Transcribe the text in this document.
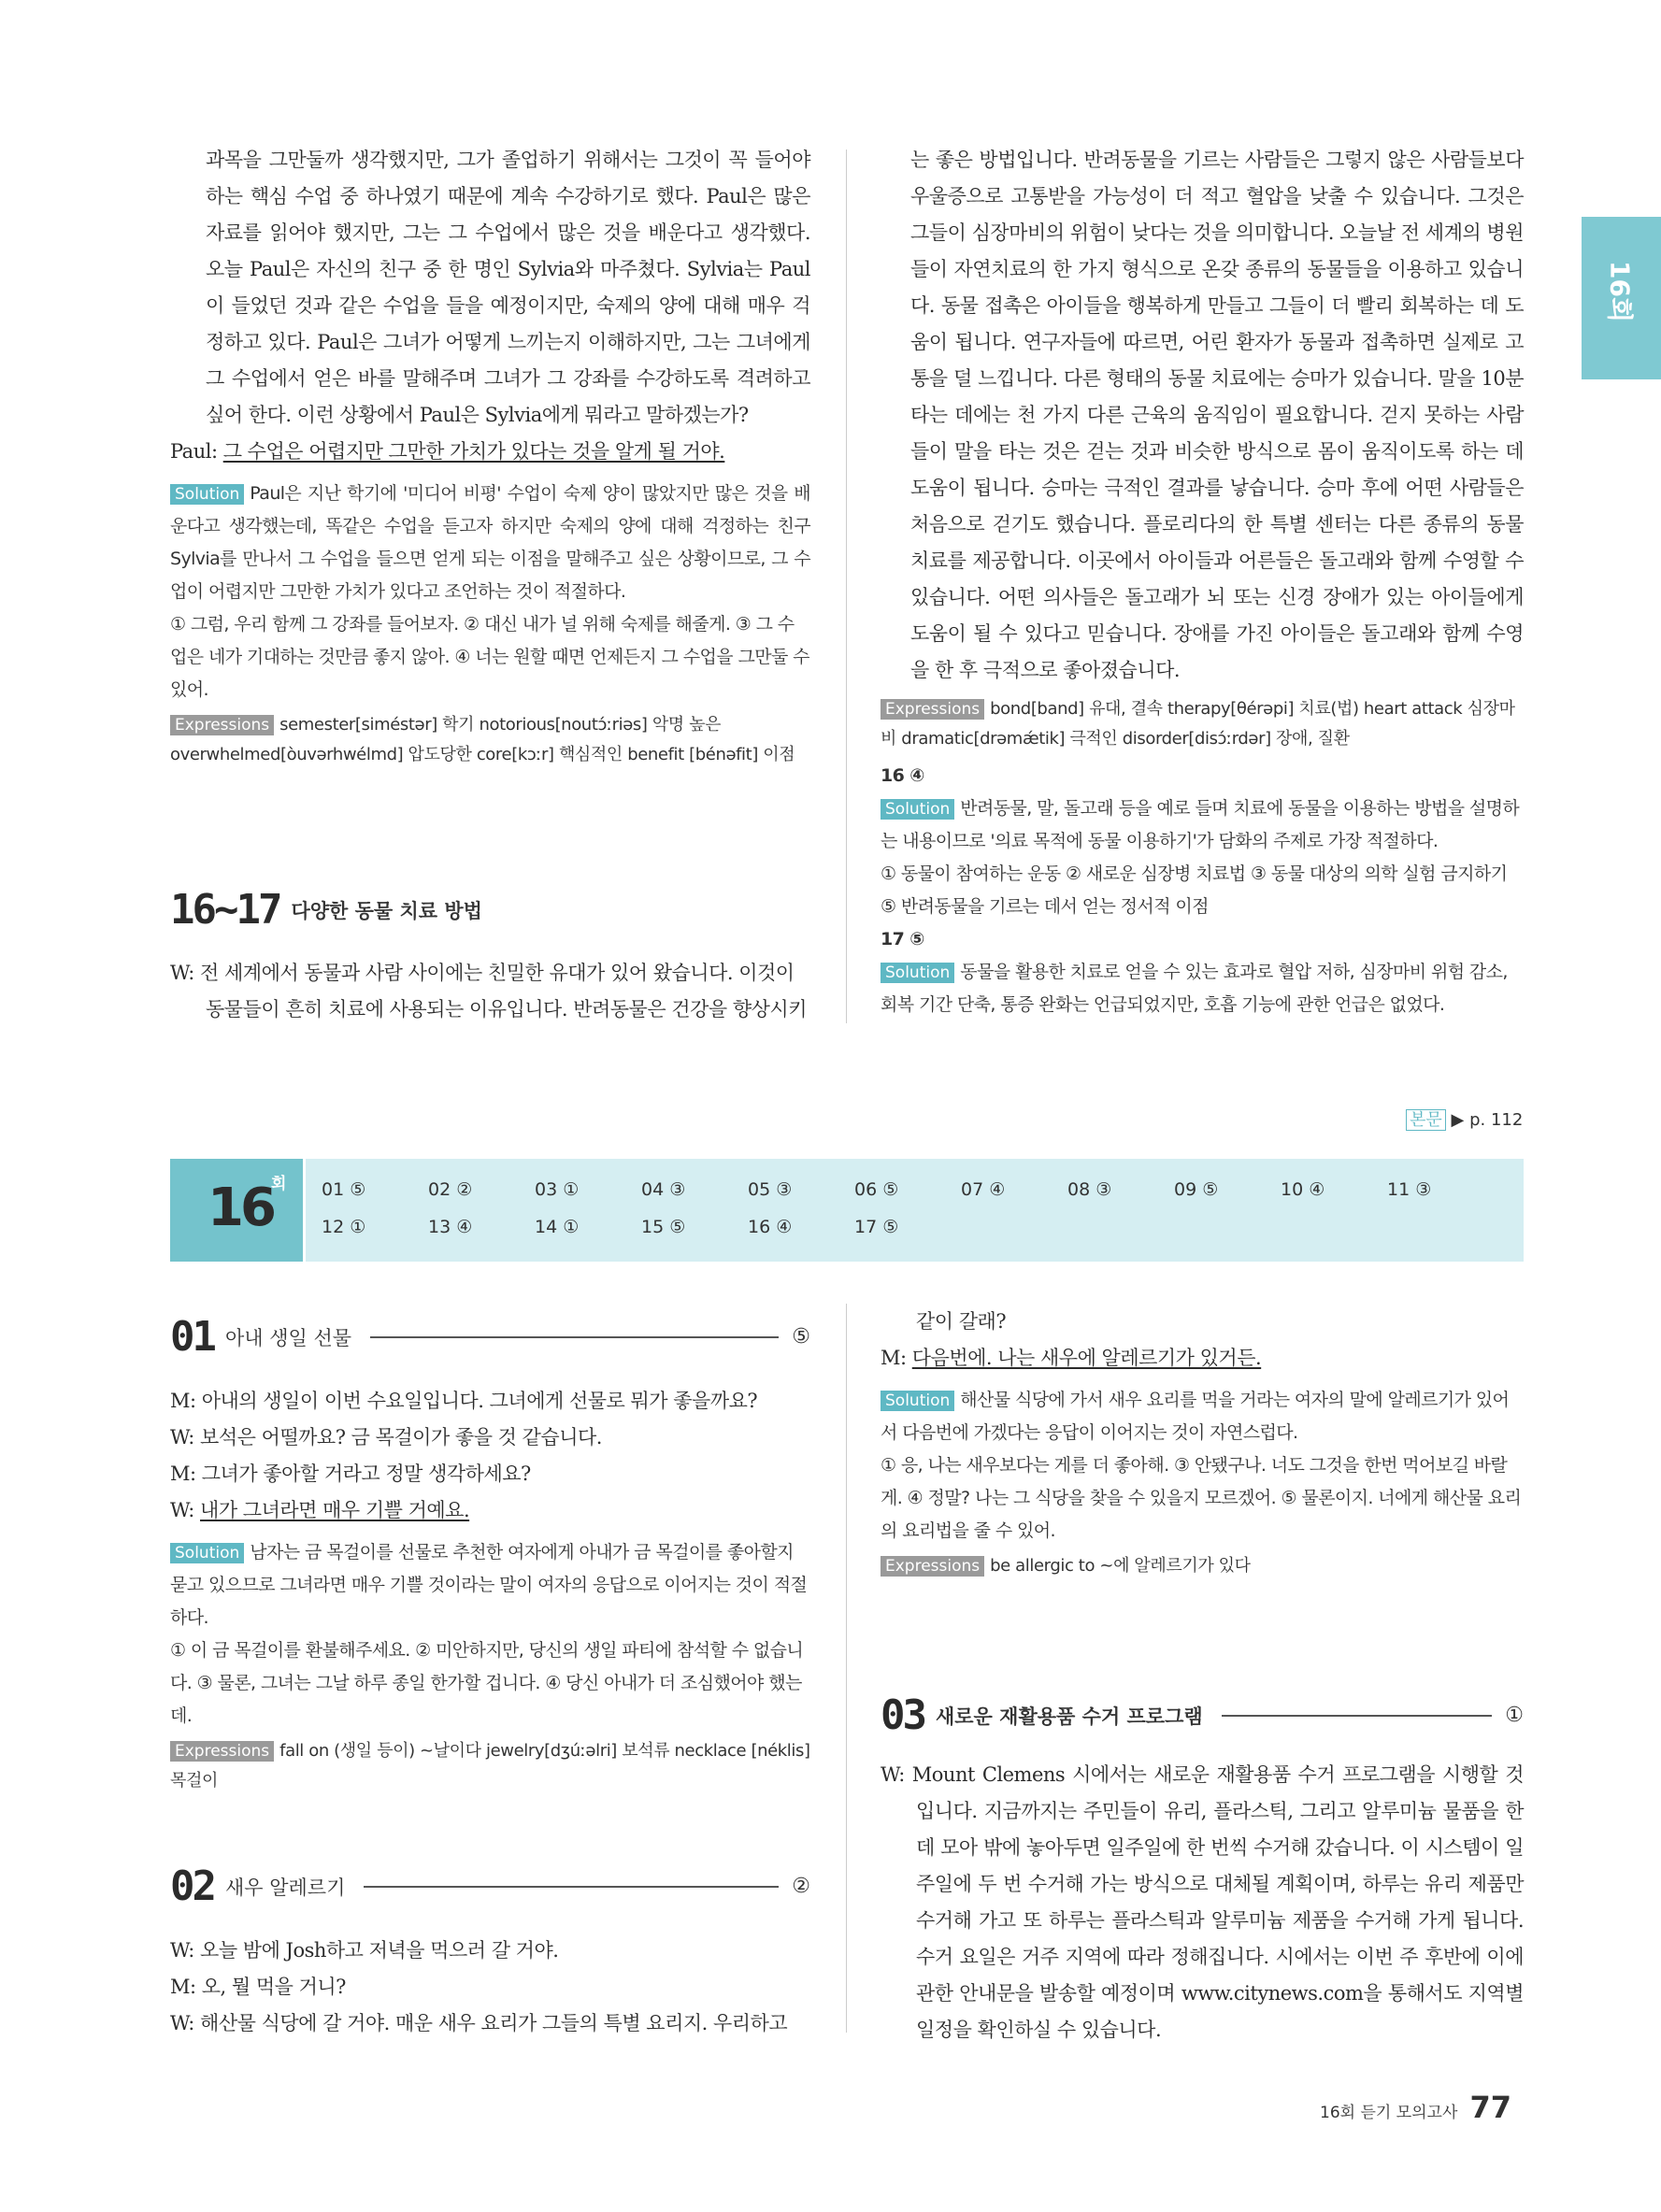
16회

과목을 그만둘까 생각했지만, 그가 졸업하기 위해서는 그것이 꼭 들어야 하는 핵심 수업 중 하나였기 때문에 계속 수강하기로 했다. Paul은 많은 자료를 읽어야 했지만, 그는 그 수업에서 많은 것을 배운다고 생각했다. 오늘 Paul은 자신의 친구 중 한 명인 Sylvia와 마주쳤다. Sylvia는 Paul이 들었던 것과 같은 수업을 들을 예정이지만, 숙제의 양에 대해 매우 걱정하고 있다. Paul은 그녀가 어떻게 느끼는지 이해하지만, 그는 그녀에게 그 수업에서 얻은 바를 말해주며 그녀가 그 강좌를 수강하도록 격려하고 싶어 한다. 이런 상황에서 Paul은 Sylvia에게 뭐라고 말하겠는가?

Paul: 그 수업은 어렵지만 그만한 가치가 있다는 것을 알게 될 거야.

Solution Paul은 지난 학기에 '미디어 비평' 수업이 숙제 양이 많았지만 많은 것을 배운다고 생각했는데, 똑같은 수업을 듣고자 하지만 숙제의 양에 대해 걱정하는 친구 Sylvia를 만나서 그 수업을 들으면 얻게 되는 이점을 말해주고 싶은 상황이므로, 그 수업이 어렵지만 그만한 가치가 있다고 조언하는 것이 적절하다.

① 그럼, 우리 함께 그 강좌를 들어보자. ② 대신 내가 널 위해 숙제를 해줄게. ③ 그 수업은 네가 기대하는 것만큼 좋지 않아. ④ 너는 원할 때면 언제든지 그 수업을 그만둘 수 있어.

Expressions semester[siméstər] 학기 notorious[noutɔ́ːriəs] 악명 높은 overwhelmed[òuvərhwélmd] 압도당한 core[kɔːr] 핵심적인 benefit [bénəfit] 이점

16~17 다양한 동물 치료 방법

W: 전 세계에서 동물과 사람 사이에는 친밀한 유대가 있어 왔습니다. 이것이 동물들이 흔히 치료에 사용되는 이유입니다. 반려동물은 건강을 향상시키

는 좋은 방법입니다. 반려동물을 기르는 사람들은 그렇지 않은 사람들보다 우울증으로 고통받을 가능성이 더 적고 혈압을 낮출 수 있습니다. 그것은 그들이 심장마비의 위험이 낮다는 것을 의미합니다. 오늘날 전 세계의 병원들이 자연치료의 한 가지 형식으로 온갖 종류의 동물들을 이용하고 있습니다. 동물 접촉은 아이들을 행복하게 만들고 그들이 더 빨리 회복하는 데 도움이 됩니다. 연구자들에 따르면, 어린 환자가 동물과 접촉하면 실제로 고통을 덜 느낍니다. 다른 형태의 동물 치료에는 승마가 있습니다. 말을 10분 타는 데에는 천 가지 다른 근육의 움직임이 필요합니다. 걷지 못하는 사람들이 말을 타는 것은 걷는 것과 비슷한 방식으로 몸이 움직이도록 하는 데 도움이 됩니다. 승마는 극적인 결과를 낳습니다. 승마 후에 어떤 사람들은 처음으로 걷기도 했습니다. 플로리다의 한 특별 센터는 다른 종류의 동물 치료를 제공합니다. 이곳에서 아이들과 어른들은 돌고래와 함께 수영할 수 있습니다. 어떤 의사들은 돌고래가 뇌 또는 신경 장애가 있는 아이들에게 도움이 될 수 있다고 믿습니다. 장애를 가진 아이들은 돌고래와 함께 수영을 한 후 극적으로 좋아졌습니다.

Expressions bond[band] 유대, 결속 therapy[θérəpi] 치료(법) heart attack 심장마비 dramatic[drəmǽtik] 극적인 disorder[disɔ́ːrdər] 장애, 질환

16 ④

Solution 반려동물, 말, 돌고래 등을 예로 들며 치료에 동물을 이용하는 방법을 설명하는 내용이므로 '의료 목적에 동물 이용하기'가 담화의 주제로 가장 적절하다.

① 동물이 참여하는 운동 ② 새로운 심장병 치료법 ③ 동물 대상의 의학 실험 금지하기 ⑤ 반려동물을 기르는 데서 얻는 정서적 이점

17 ⑤

Solution 동물을 활용한 치료로 얻을 수 있는 효과로 혈압 저하, 심장마비 위험 감소, 회복 기간 단축, 통증 완화는 언급되었지만, 호흡 기능에 관한 언급은 없었다.

본문 ▶ p. 112
16
회 01 ⑤	02 ②	03 ①	04 ③	05 ③	06 ⑤	07 ④	08 ③	09 ⑤	10 ④	11 ③
12 ①	13 ④	14 ①	15 ⑤	16 ④	17 ⑤
01 아내 생일 선물	⑤

M: 아내의 생일이 이번 수요일입니다. 그녀에게 선물로 뭐가 좋을까요?

W: 보석은 어떨까요? 금 목걸이가 좋을 것 같습니다.

M: 그녀가 좋아할 거라고 정말 생각하세요?

W: 내가 그녀라면 매우 기쁠 거예요.

Solution 남자는 금 목걸이를 선물로 추천한 여자에게 아내가 금 목걸이를 좋아할지 묻고 있으므로 그녀라면 매우 기쁠 것이라는 말이 여자의 응답으로 이어지는 것이 적절하다.

① 이 금 목걸이를 환불해주세요. ② 미안하지만, 당신의 생일 파티에 참석할 수 없습니다. ③ 물론, 그녀는 그날 하루 종일 한가할 겁니다. ④ 당신 아내가 더 조심했어야 했는데.

Expressions fall on (생일 등이) ~날이다 jewelry[dʒúːəlri] 보석류 necklace [néklis] 목걸이

02 새우 알레르기	②

W: 오늘 밤에 Josh하고 저녁을 먹으러 갈 거야.

M: 오, 뭘 먹을 거니?

W: 해산물 식당에 갈 거야. 매운 새우 요리가 그들의 특별 요리지. 우리하고

같이 갈래?

M: 다음번에. 나는 새우에 알레르기가 있거든.

Solution 해산물 식당에 가서 새우 요리를 먹을 거라는 여자의 말에 알레르기가 있어서 다음번에 가겠다는 응답이 이어지는 것이 자연스럽다.

① 응, 나는 새우보다는 게를 더 좋아해. ③ 안됐구나. 너도 그것을 한번 먹어보길 바랄게. ④ 정말? 나는 그 식당을 찾을 수 있을지 모르겠어. ⑤ 물론이지. 너에게 해산물 요리의 요리법을 줄 수 있어.

Expressions be allergic to ~에 알레르기가 있다

03 새로운 재활용품 수거 프로그램	①

W: Mount Clemens 시에서는 새로운 재활용품 수거 프로그램을 시행할 것입니다. 지금까지는 주민들이 유리, 플라스틱, 그리고 알루미늄 물품을 한데 모아 밖에 놓아두면 일주일에 한 번씩 수거해 갔습니다. 이 시스템이 일주일에 두 번 수거해 가는 방식으로 대체될 계획이며, 하루는 유리 제품만 수거해 가고 또 하루는 플라스틱과 알루미늄 제품을 수거해 가게 됩니다. 수거 요일은 거주 지역에 따라 정해집니다. 시에서는 이번 주 후반에 이에 관한 안내문을 발송할 예정이며 www.citynews.com을 통해서도 지역별 일정을 확인하실 수 있습니다.

16회 듣기 모의고사 77
